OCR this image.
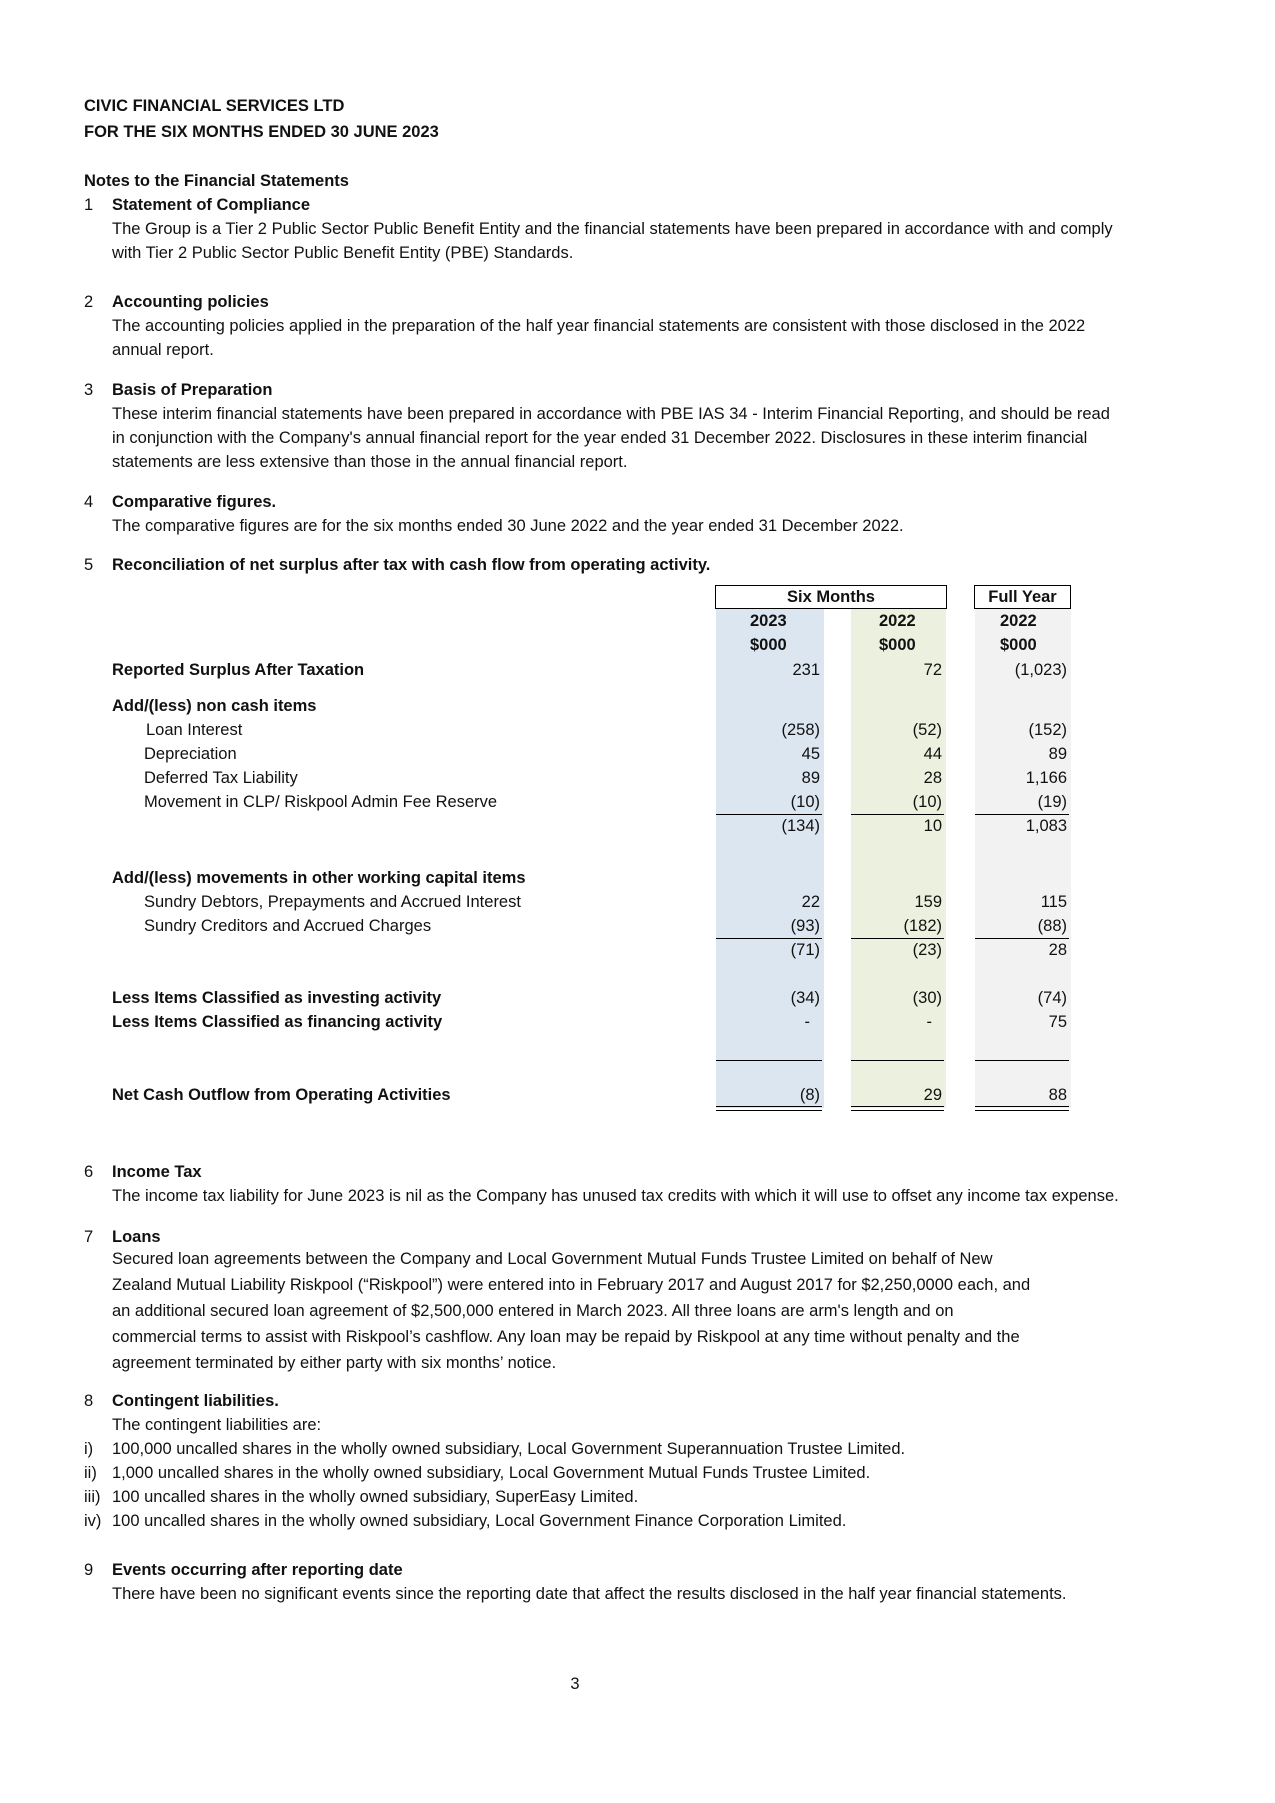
CIVIC FINANCIAL SERVICES LTD
FOR THE SIX MONTHS ENDED 30 JUNE 2023
Notes to the Financial Statements
1	Statement of Compliance
The Group is a Tier 2 Public Sector Public Benefit Entity and the financial statements have been prepared in accordance with and comply
with Tier 2 Public Sector Public Benefit Entity (PBE) Standards.
2	Accounting policies
The accounting policies applied in the preparation of the half year financial statements are consistent with those disclosed in the 2022
annual report.
3	Basis of Preparation
These interim financial statements have been prepared in accordance with PBE IAS 34 - Interim Financial Reporting, and should be read
in conjunction with the Company's annual financial report for the year ended 31 December 2022. Disclosures in these interim financial
statements are less extensive than those in the annual financial report.
4	Comparative figures.
The comparative figures are for the six months ended 30 June 2022 and the year ended 31 December 2022.
5	Reconciliation of net surplus after tax with cash flow from operating activity.
Six Months	Full Year
2023	2022	2022
$000	$000	$000
Reported Surplus After Taxation	231	72	(1,023)
Add/(less) non cash items
Loan Interest	(258)	(52)	(152)
Depreciation	45	44	89
Deferred Tax Liability	89	28	1,166
Movement in CLP/ Riskpool Admin Fee Reserve	(10)	(10)	(19)
(134)	10	1,083
Add/(less) movements in other working capital items
Sundry Debtors, Prepayments and Accrued Interest	22	159	115
Sundry Creditors and Accrued Charges	(93)	(182)	(88)
(71)	(23)	28
Less Items Classified as investing activity	(34)	(30)	(74)
Less Items Classified as financing activity	-	-	75
Net Cash Outflow from Operating Activities	(8)	29	88
6	Income Tax
The income tax liability for June 2023 is nil as the Company has unused tax credits with which it will use to offset any income tax expense.
7	Loans
Secured loan agreements between the Company and Local Government Mutual Funds Trustee Limited on behalf of New
Zealand Mutual Liability Riskpool (“Riskpool”) were entered into in February 2017 and August 2017 for $2,250,0000 each, and
an additional secured loan agreement of $2,500,000 entered in March 2023. All three loans are arm's length and on
commercial terms to assist with Riskpool’s cashflow. Any loan may be repaid by Riskpool at any time without penalty and the
agreement terminated by either party with six months’ notice.
8	Contingent liabilities.
The contingent liabilities are:
i)	100,000 uncalled shares in the wholly owned subsidiary, Local Government Superannuation Trustee Limited.
ii) 1,000 uncalled shares in the wholly owned subsidiary, Local Government Mutual Funds Trustee Limited.
iii) 100 uncalled shares in the wholly owned subsidiary, SuperEasy Limited.
iv) 100 uncalled shares in the wholly owned subsidiary, Local Government Finance Corporation Limited.
9	Events occurring after reporting date
There have been no significant events since the reporting date that affect the results disclosed in the half year financial statements.
3
